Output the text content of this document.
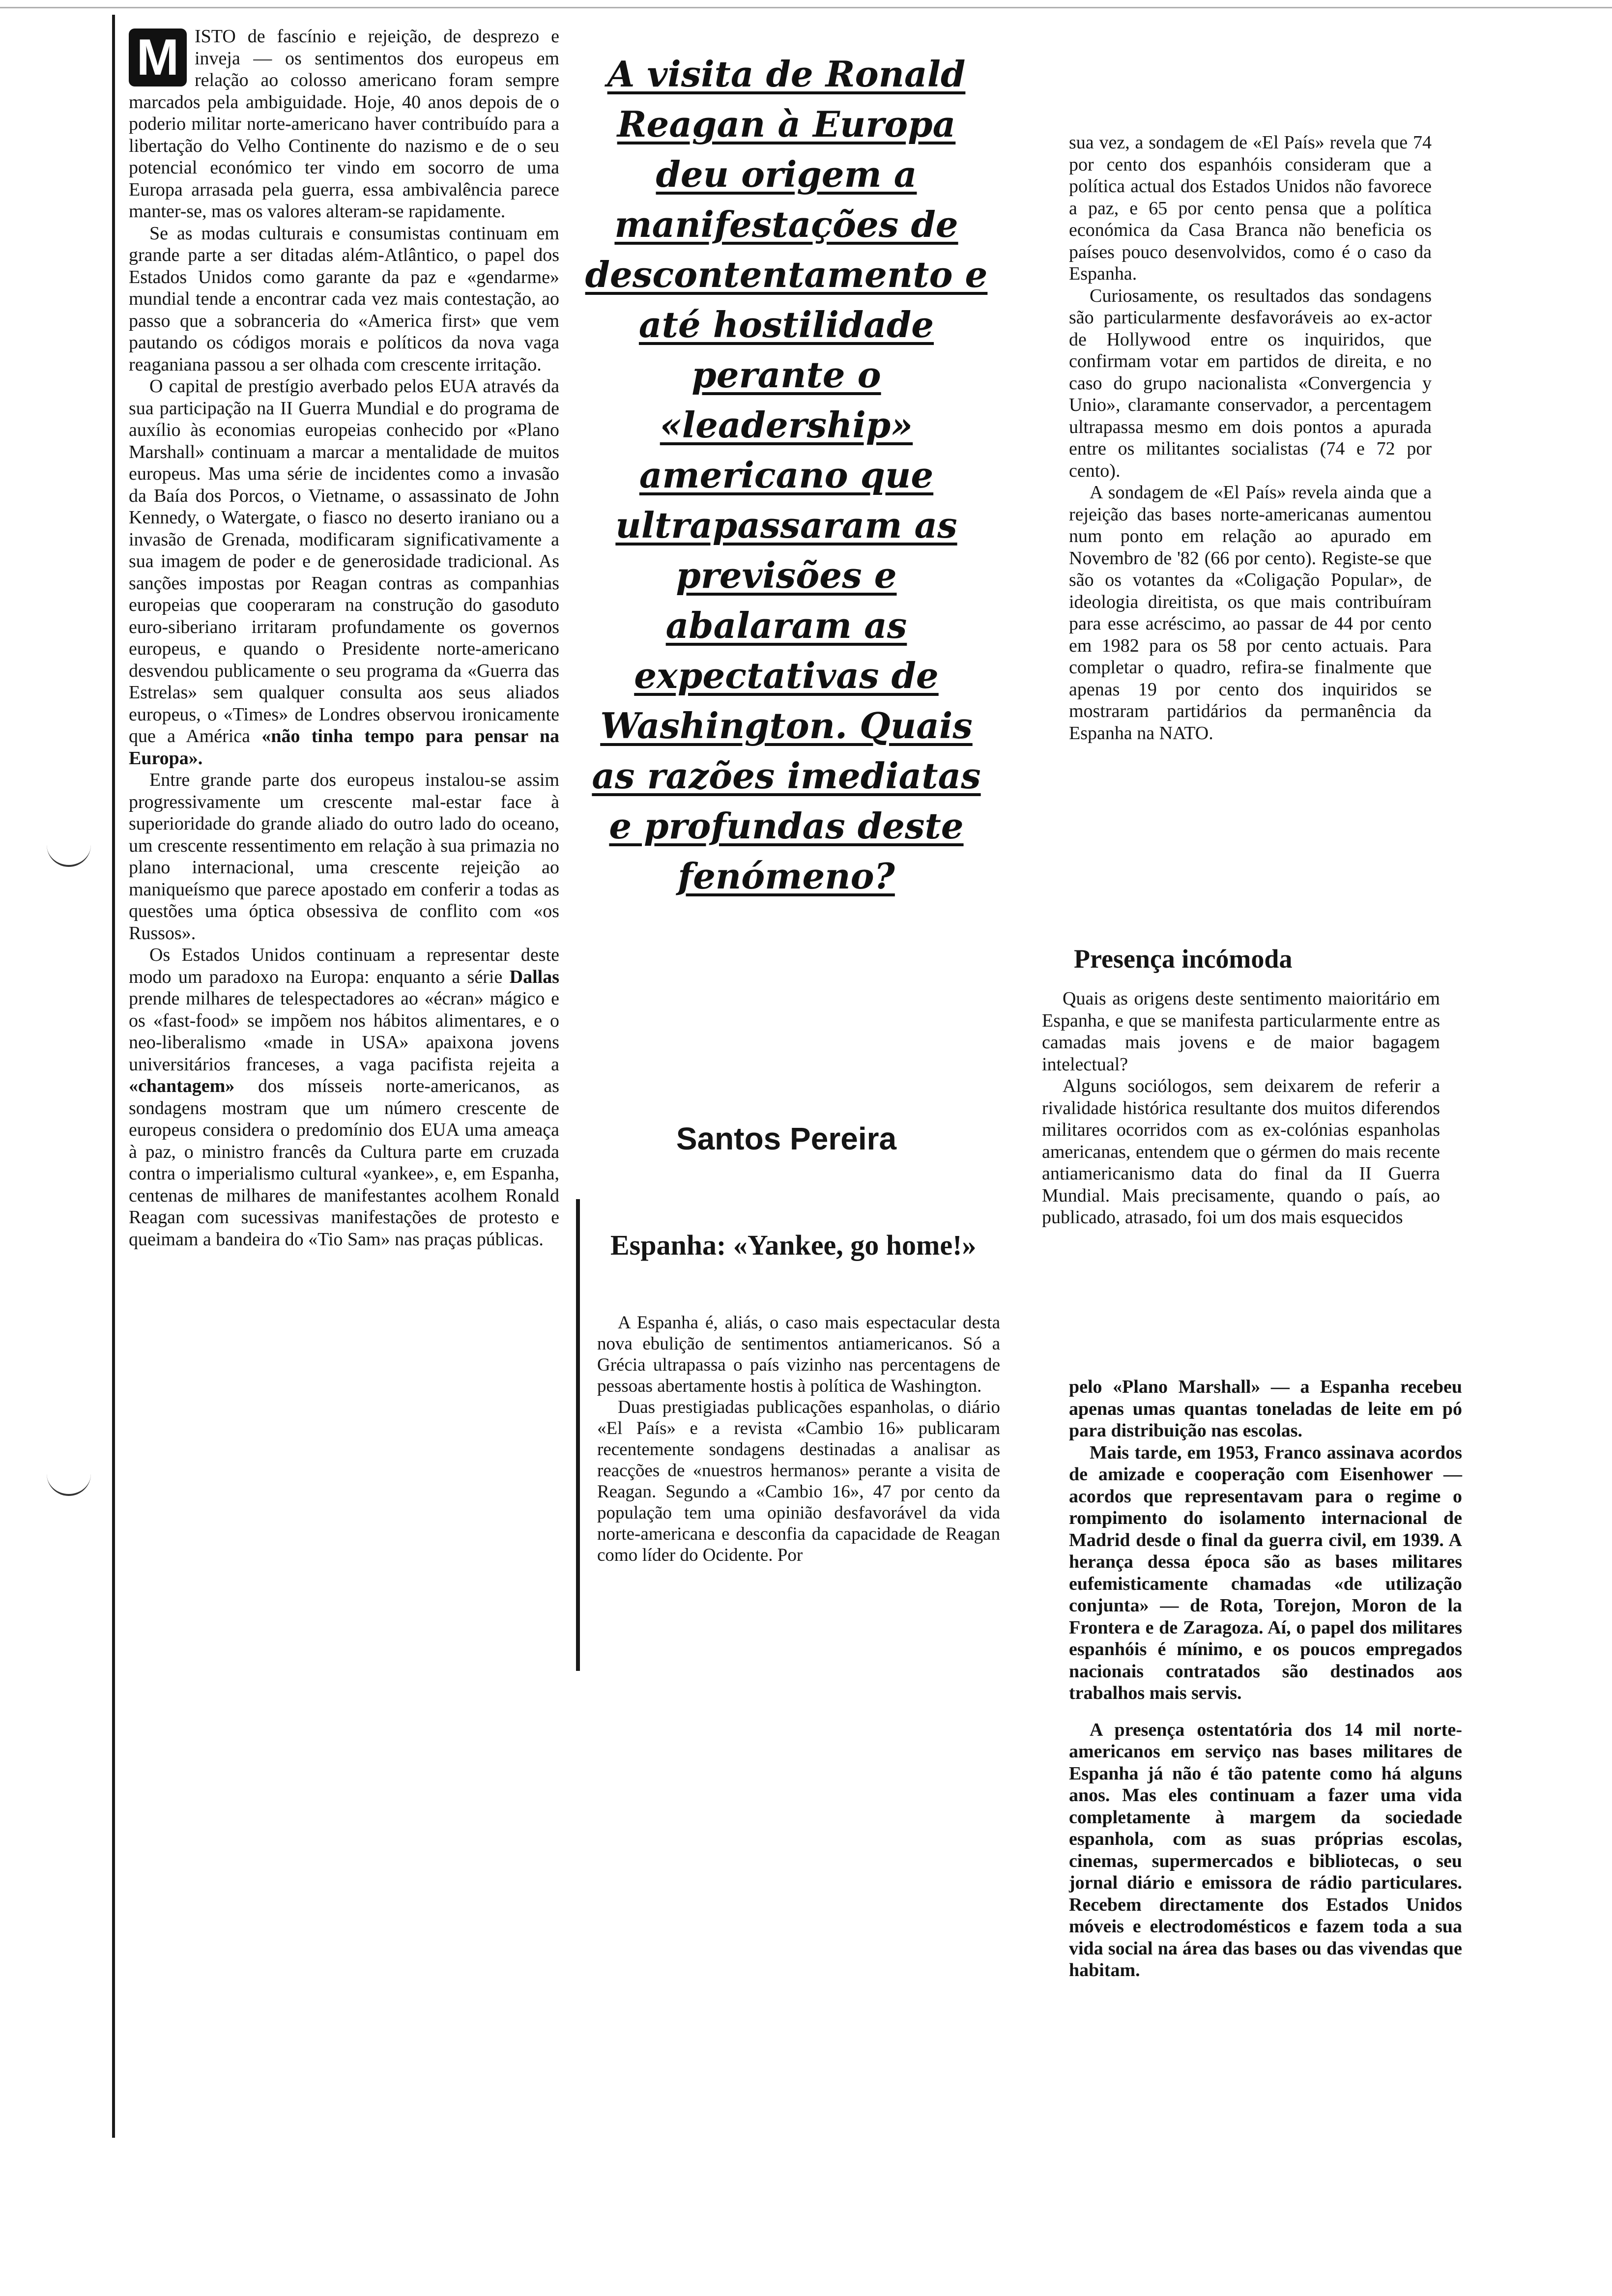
M ISTO de fascínio e rejeição, de desprezo e inveja — os sentimentos dos europeus em relação ao colosso americano foram sempre marcados pela ambiguidade. Hoje, 40 anos depois de o poderio militar norte-americano haver contribuído para a libertação do Velho Continente do nazismo e de o seu potencial económico ter vindo em socorro de uma Europa arrasada pela guerra, essa ambivalência parece manter-se, mas os valores alteram-se rapidamente.

Se as modas culturais e consumistas continuam em grande parte a ser ditadas além-Atlântico, o papel dos Estados Unidos como garante da paz e «gendarme» mundial tende a encontrar cada vez mais contestação, ao passo que a sobranceria do «America first» que vem pautando os códigos morais e políticos da nova vaga reaganiana passou a ser olhada com crescente irritação.

O capital de prestígio averbado pelos EUA através da sua participação na II Guerra Mundial e do programa de auxílio às economias europeias conhecido por «Plano Marshall» continuam a marcar a mentalidade de muitos europeus. Mas uma série de incidentes como a invasão da Baía dos Porcos, o Vietname, o assassinato de John Kennedy, o Watergate, o fiasco no deserto iraniano ou a invasão de Grenada, modificaram significativamente a sua imagem de poder e de generosidade tradicional. As sanções impostas por Reagan contras as companhias europeias que cooperaram na construção do gasoduto euro-siberiano irritaram profundamente os governos europeus, e quando o Presidente norte-americano desvendou publicamente o seu programa da «Guerra das Estrelas» sem qualquer consulta aos seus aliados europeus, o «Times» de Londres observou ironicamente que a América «não tinha tempo para pensar na Europa».

Entre grande parte dos europeus instalou-se assim progressivamente um crescente mal-estar face à superioridade do grande aliado do outro lado do oceano, um crescente ressentimento em relação à sua primazia no plano internacional, uma crescente rejeição ao maniqueísmo que parece apostado em conferir a todas as questões uma óptica obsessiva de conflito com «os Russos».

Os Estados Unidos continuam a representar deste modo um paradoxo na Europa: enquanto a série Dallas prende milhares de telespectadores ao «écran» mágico e os «fast-food» se impõem nos hábitos alimentares, e o neo-liberalismo «made in USA» apaixona jovens universitários franceses, a vaga pacifista rejeita a «chantagem» dos mísseis norte-americanos, as sondagens mostram que um número crescente de europeus considera o predomínio dos EUA uma ameaça à paz, o ministro francês da Cultura parte em cruzada contra o imperialismo cultural «yankee», e, em Espanha, centenas de milhares de manifestantes acolhem Ronald Reagan com sucessivas manifestações de protesto e queimam a bandeira do «Tio Sam» nas praças públicas.

A visita de Ronald Reagan à Europa deu origem a manifestações de descontentamento e até hostilidade perante o «leadership» americano que ultrapassaram as previsões e abalaram as expectativas de Washington. Quais as razões imediatas e profundas deste fenómeno?
Santos Pereira
Espanha: «Yankee, go home!»

A Espanha é, aliás, o caso mais espectacular desta nova ebulição de sentimentos antiamericanos. Só a Grécia ultrapassa o país vizinho nas percentagens de pessoas abertamente hostis à política de Washington.

Duas prestigiadas publicações espanholas, o diário «El País» e a revista «Cambio 16» publicaram recentemente sondagens destinadas a analisar as reacções de «nuestros hermanos» perante a visita de Reagan. Segundo a «Cambio 16», 47 por cento da população tem uma opinião desfavorável da vida norte-americana e desconfia da capacidade de Reagan como líder do Ocidente. Por

sua vez, a sondagem de «El País» revela que 74 por cento dos espanhóis consideram que a política actual dos Estados Unidos não favorece a paz, e 65 por cento pensa que a política económica da Casa Branca não beneficia os países pouco desenvolvidos, como é o caso da Espanha.

Curiosamente, os resultados das sondagens são particularmente desfavoráveis ao ex-actor de Hollywood entre os inquiridos, que confirmam votar em partidos de direita, e no caso do grupo nacionalista «Convergencia y Unio», claramante conservador, a percentagem ultrapassa mesmo em dois pontos a apurada entre os militantes socialistas (74 e 72 por cento).

A sondagem de «El País» revela ainda que a rejeição das bases norte-americanas aumentou num ponto em relação ao apurado em Novembro de '82 (66 por cento). Registe-se que são os votantes da «Coligação Popular», de ideologia direitista, os que mais contribuíram para esse acréscimo, ao passar de 44 por cento em 1982 para os 58 por cento actuais. Para completar o quadro, refira-se finalmente que apenas 19 por cento dos inquiridos se mostraram partidários da permanência da Espanha na NATO.

Presença incómoda

Quais as origens deste sentimento maioritário em Espanha, e que se manifesta particularmente entre as camadas mais jovens e de maior bagagem intelectual?

Alguns sociólogos, sem deixarem de referir a rivalidade histórica resultante dos muitos diferendos militares ocorridos com as ex-colónias espanholas americanas, entendem que o gérmen do mais recente antiamericanismo data do final da II Guerra Mundial. Mais precisamente, quando o país, ao publicado, atrasado, foi um dos mais esquecidos

pelo «Plano Marshall» — a Espanha recebeu apenas umas quantas toneladas de leite em pó para distribuição nas escolas.

Mais tarde, em 1953, Franco assinava acordos de amizade e cooperação com Eisenhower — acordos que representavam para o regime o rompimento do isolamento internacional de Madrid desde o final da guerra civil, em 1939. A herança dessa época são as bases militares eufemisticamente chamadas «de utilização conjunta» — de Rota, Torejon, Moron de la Frontera e de Zaragoza. Aí, o papel dos militares espanhóis é mínimo, e os poucos empregados nacionais contratados são destinados aos trabalhos mais servis.

A presença ostentatória dos 14 mil norte-americanos em serviço nas bases militares de Espanha já não é tão patente como há alguns anos. Mas eles continuam a fazer uma vida completamente à margem da sociedade espanhola, com as suas próprias escolas, cinemas, supermercados e bibliotecas, o seu jornal diário e emissora de rádio particulares. Recebem directamente dos Estados Unidos móveis e electrodomésticos e fazem toda a sua vida social na área das bases ou das vivendas que habitam.
